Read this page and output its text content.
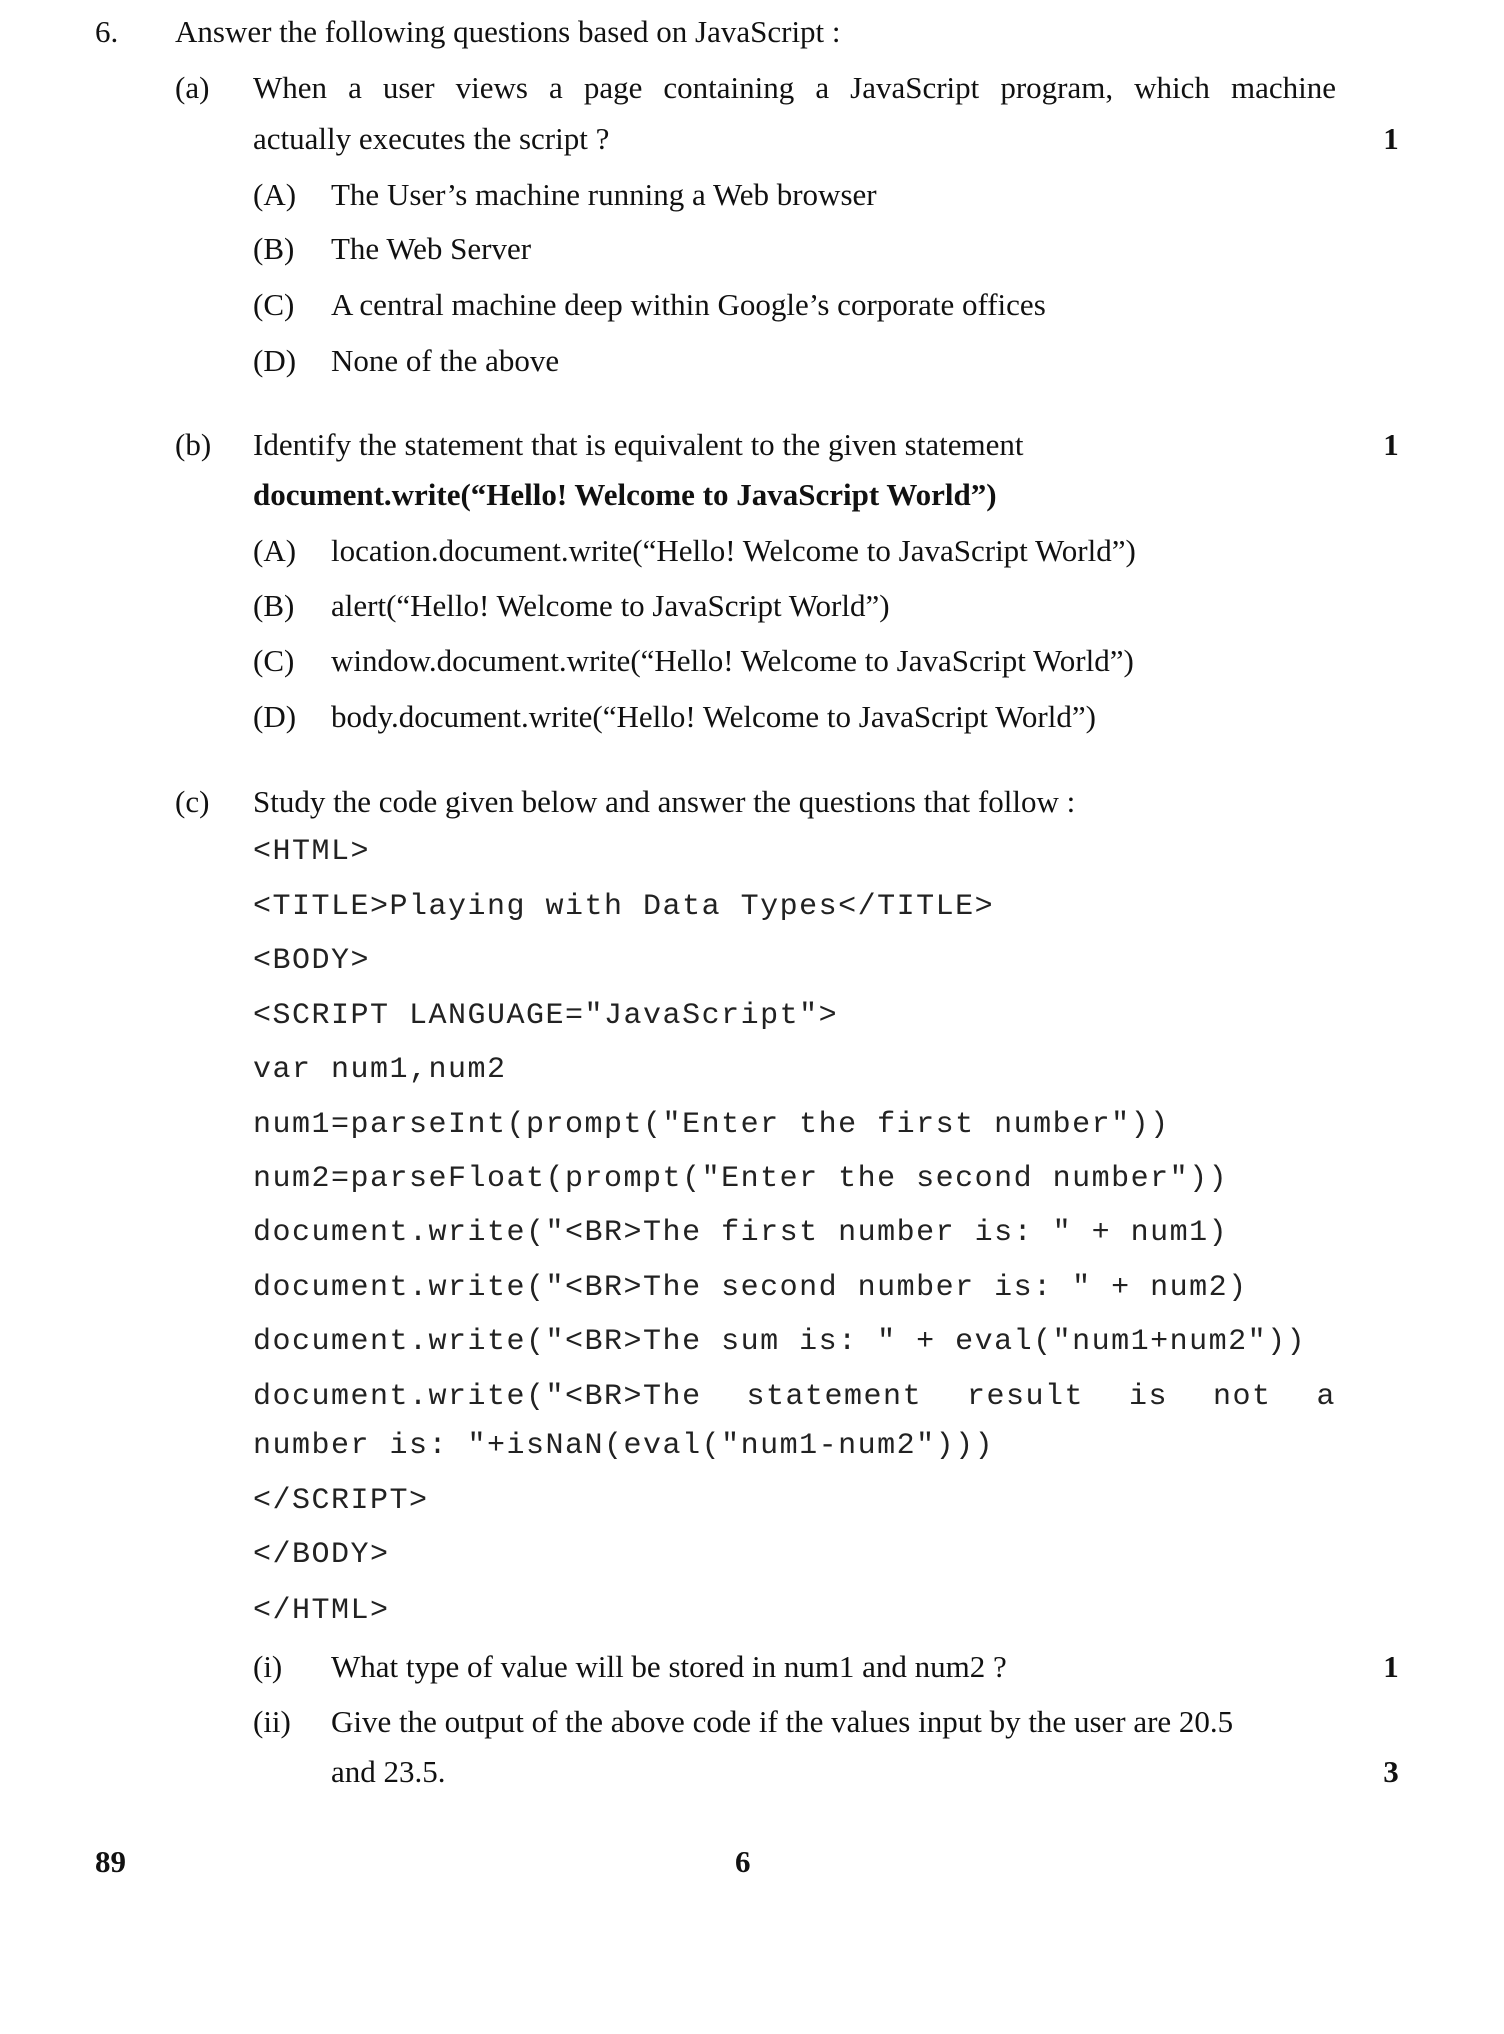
6. Answer the following questions based on JavaScript :
(a) When a user views a page containing a JavaScript program, which machine
actually executes the script ?	1
(A) The User’s machine running a Web browser
(B) The Web Server
(C) A central machine deep within Google’s corporate offices
(D) None of the above
(b) Identify the statement that is equivalent to the given statement	1
document.write(“Hello! Welcome to JavaScript World”)
(A) location.document.write(“Hello! Welcome to JavaScript World”)
(B) alert(“Hello! Welcome to JavaScript World”)
(C) window.document.write(“Hello! Welcome to JavaScript World”)
(D) body.document.write(“Hello! Welcome to JavaScript World”)
(c) Study the code given below and answer the questions that follow :
<HTML>
<TITLE>Playing with Data Types</TITLE>
<BODY>
<SCRIPT LANGUAGE="JavaScript">
var num1,num2
num1=parseInt(prompt("Enter the first number"))
num2=parseFloat(prompt("Enter the second number"))
document.write("<BR>The first number is: " + num1)
document.write("<BR>The second number is: " + num2)
document.write("<BR>The sum is: " + eval("num1+num2"))
document.write("<BR>The statement result is not a
number is: "+isNaN(eval("num1-num2")))
</SCRIPT>
</BODY>
</HTML>
(i) What type of value will be stored in num1 and num2 ?	1
(ii) Give the output of the above code if the values input by the user are 20.5
and 23.5.	3
89	6
